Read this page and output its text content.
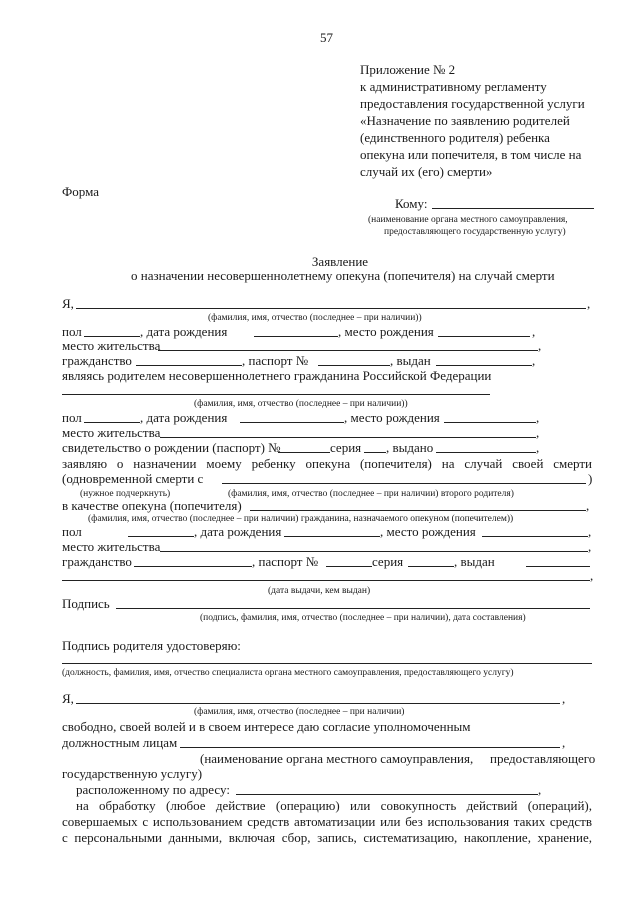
57
Приложение № 2
к административному регламенту
предоставления государственной услуги
«Назначение по заявлению родителей
(единственного родителя) ребенка
опекуна или попечителя, в том числе на
случай их (его) смерти»
Форма
Кому:
(наименование органа местного самоуправления,
предоставляющего государственную услугу)
Заявление
о назначении несовершеннолетнему опекуна (попечителя) на случай смерти
Я,	,
(фамилия, имя, отчество (последнее – при наличии))
пол	, дата рождения	, место рождения	,
место жительства	,
гражданство	, паспорт №	, выдан	,
являясь родителем несовершеннолетнего гражданина Российской Федерации
(фамилия, имя, отчество (последнее – при наличии))
пол	, дата рождения	, место рождения	,
место жительства	,
свидетельство о рождении (паспорт) №	серия , выдано	,
заявляю о назначении моему ребенку опекуна (попечителя) на случай своей смерти
(одновременной смерти с	)
(нужное подчеркнуть)	(фамилия, имя, отчество (последнее – при наличии) второго родителя)
в качестве опекуна (попечителя)	,
(фамилия, имя, отчество (последнее – при наличии) гражданина, назначаемого опекуном (попечителем))
пол	, дата рождения	, место рождения	,
место жительства	,
гражданство	, паспорт №	серия	, выдан
,
(дата выдачи, кем выдан)
Подпись
(подпись, фамилия, имя, отчество (последнее – при наличии), дата составления)
Подпись родителя удостоверяю:
(должность, фамилия, имя, отчество специалиста органа местного самоуправления, предоставляющего услугу)
Я,	,
(фамилия, имя, отчество (последнее – при наличии)
свободно, своей волей и в своем интересе даю согласие уполномоченным
должностным лицам	,
(наименование органа местного самоуправления, предоставляющего
государственную услугу)
расположенному по адресу:	,
на обработку (любое действие (операцию) или совокупность действий (операций),
совершаемых с использованием средств автоматизации или без использования таких средств
с персональными данными, включая сбор, запись, систематизацию, накопление, хранение,
